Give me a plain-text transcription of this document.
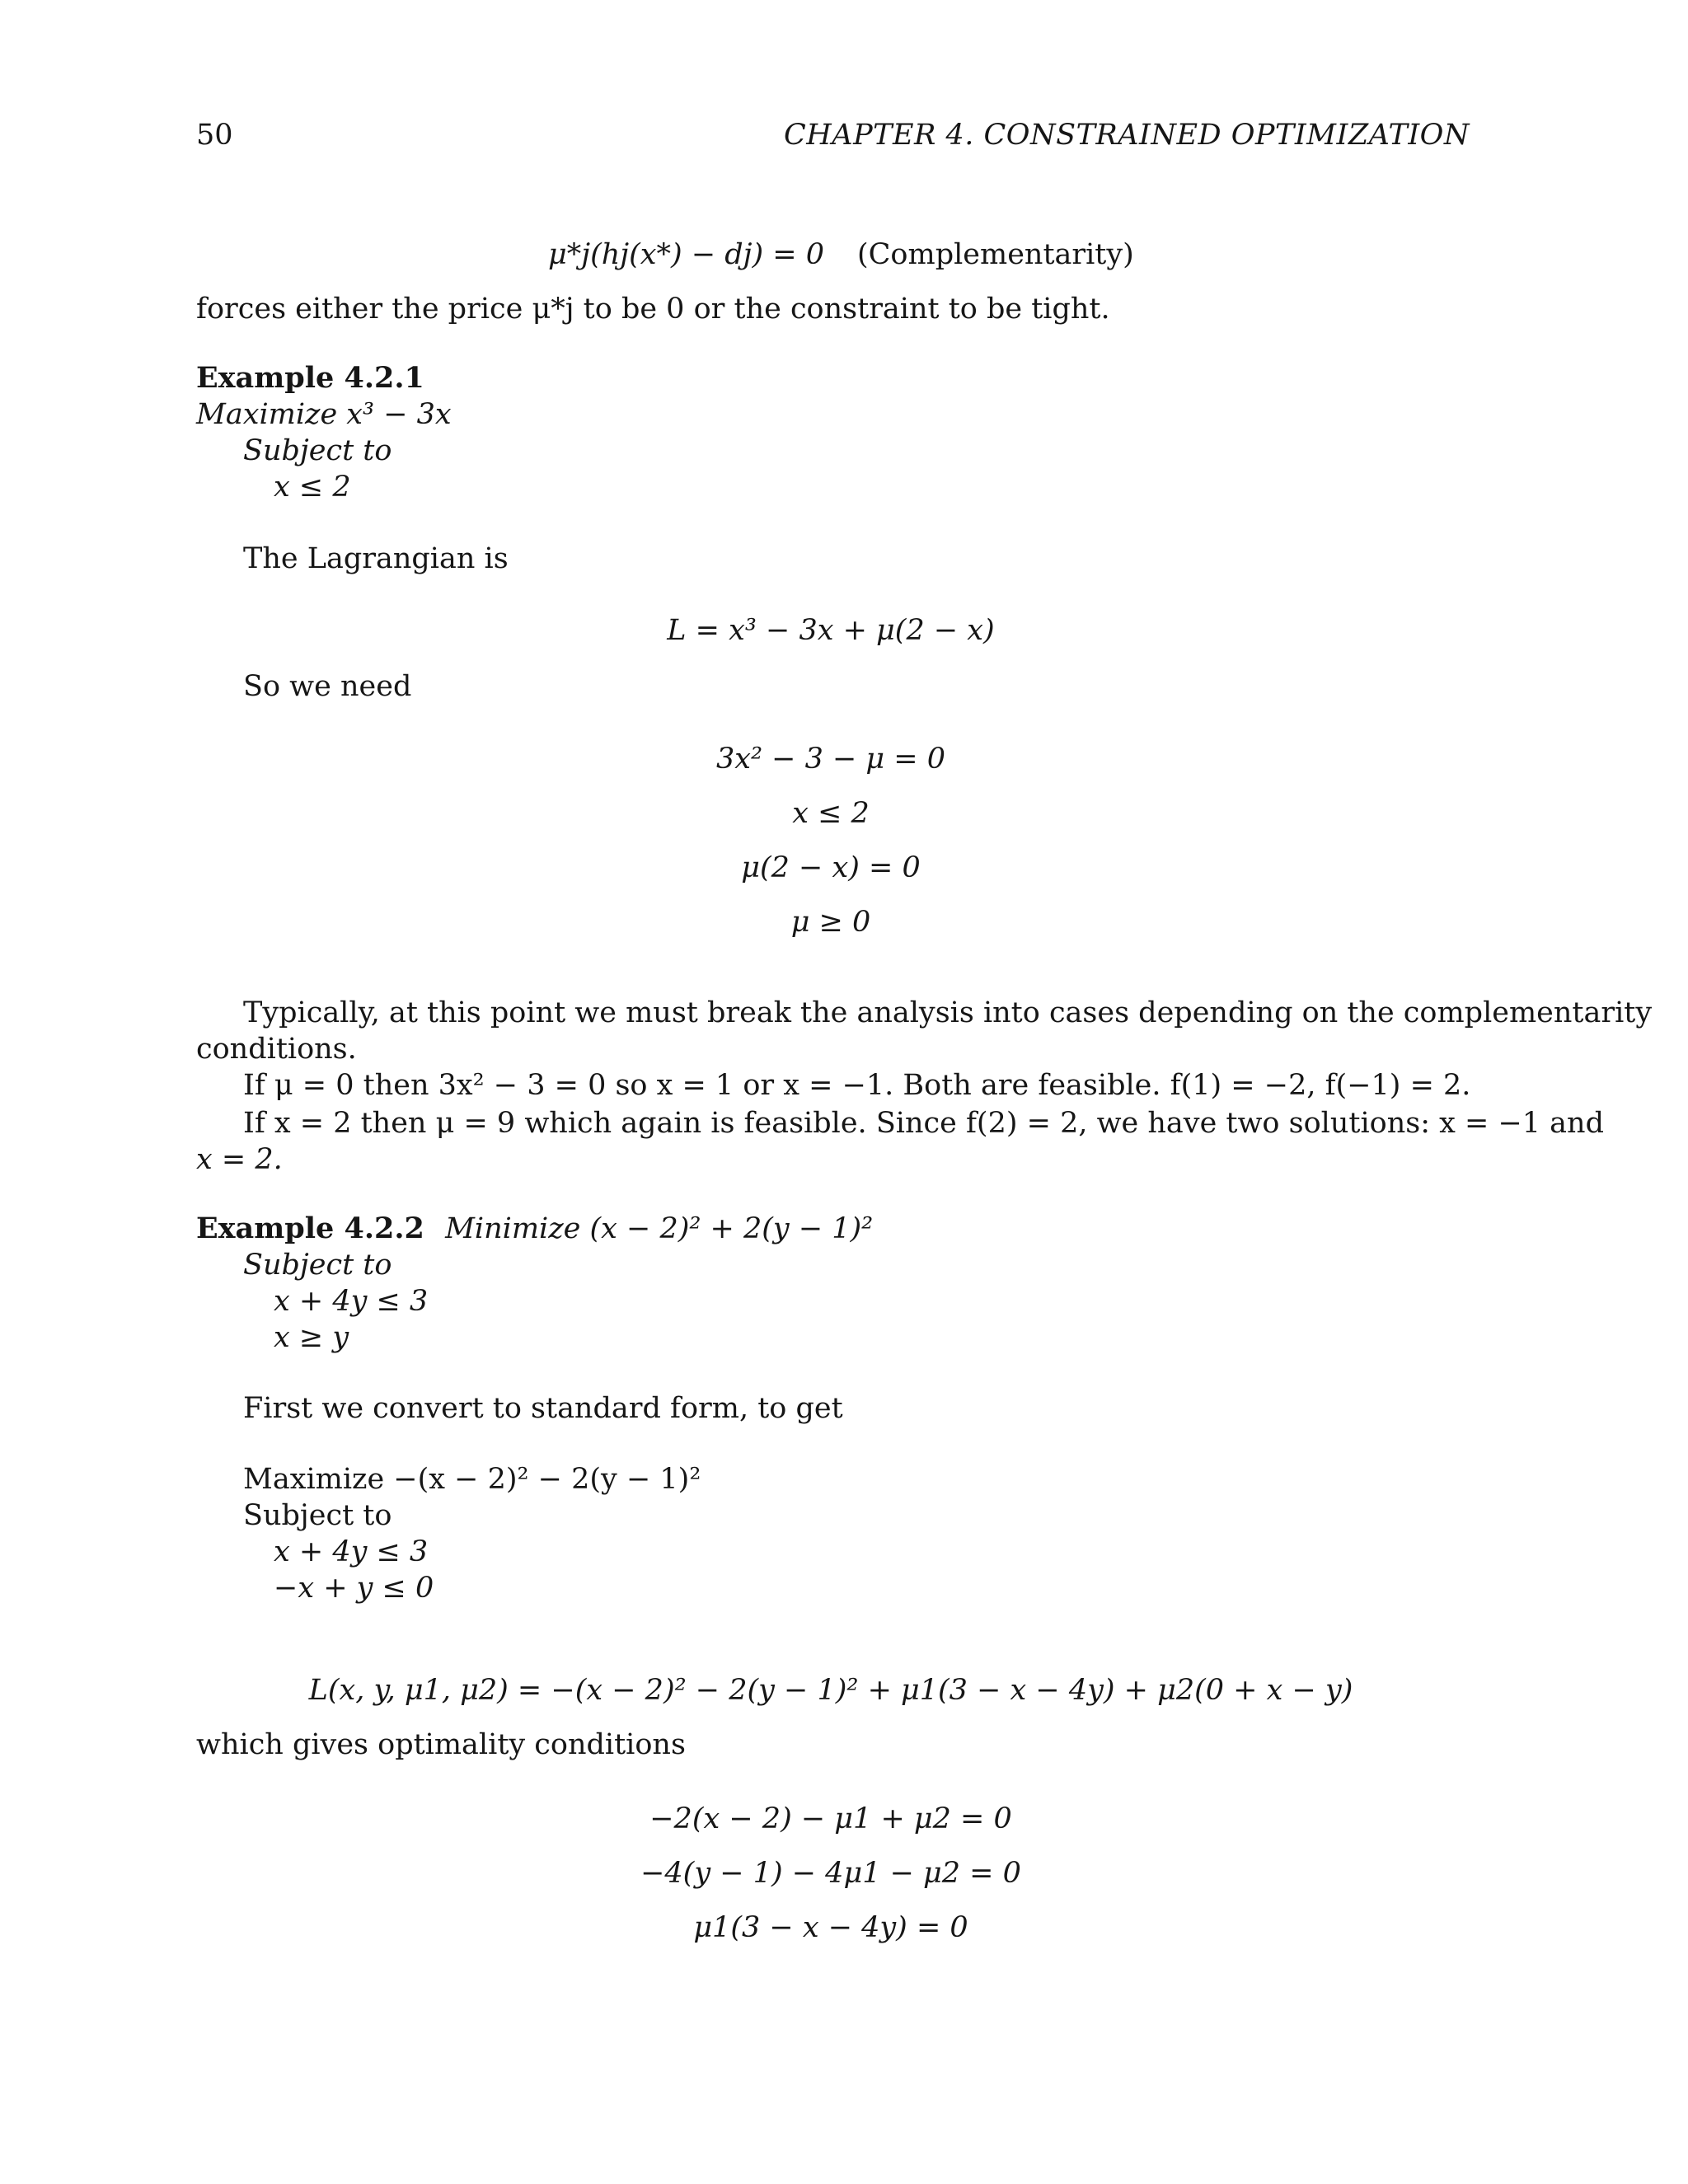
50	CHAPTER 4. CONSTRAINED OPTIMIZATION
μ*j(hj(x*) − dj) = 0 (Complementarity)
forces either the price μ*j to be 0 or the constraint to be tight.
Example 4.2.1
Maximize x³ − 3x
Subject to
x ≤ 2
The Lagrangian is
L = x³ − 3x + μ(2 − x)
So we need
3x² − 3 − μ = 0
x ≤ 2
μ(2 − x) = 0
μ ≥ 0
Typically, at this point we must break the analysis into cases depending on the complementarity
conditions.
If μ = 0 then 3x² − 3 = 0 so x = 1 or x = −1. Both are feasible. f(1) = −2, f(−1) = 2.
If x = 2 then μ = 9 which again is feasible. Since f(2) = 2, we have two solutions: x = −1 and
x = 2.
Example 4.2.2 Minimize (x − 2)² + 2(y − 1)²
Subject to
x + 4y ≤ 3
x ≥ y
First we convert to standard form, to get
Maximize −(x − 2)² − 2(y − 1)²
Subject to
x + 4y ≤ 3
−x + y ≤ 0
L(x, y, μ1, μ2) = −(x − 2)² − 2(y − 1)² + μ1(3 − x − 4y) + μ2(0 + x − y)
which gives optimality conditions
−2(x − 2) − μ1 + μ2 = 0
−4(y − 1) − 4μ1 − μ2 = 0
μ1(3 − x − 4y) = 0
